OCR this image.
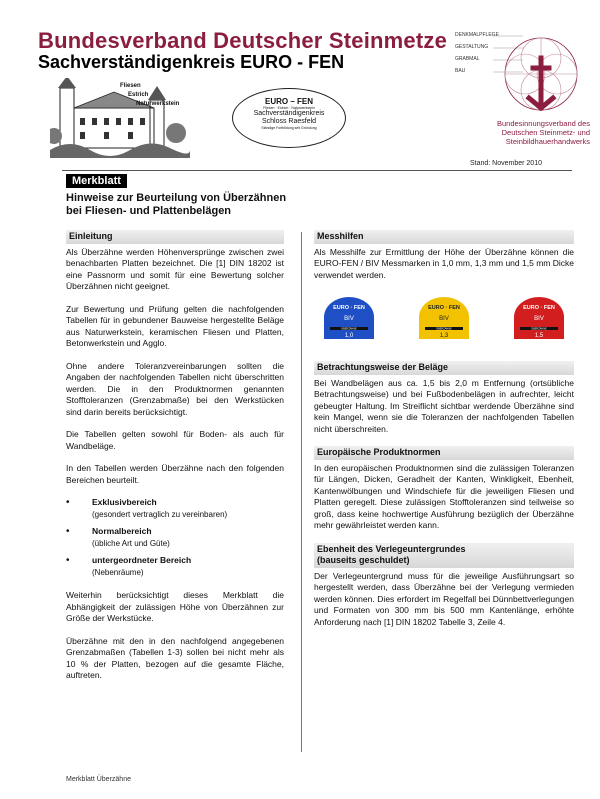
Bundesverband Deutscher Steinmetze
Sachverständigenkreis EURO - FEN
Fliesen
Estrich
Naturwerkstein	EURO – FEN
Fliesen · Estrich · Naturwerkstein
Sachverständigenkreis
Schloss Raesfeld
Ständige Fortbildung seit Gründung
DENKMALPFLEGE
GESTALTUNG
GRABMAL
BAU
Bundesinnungsverband des
Deutschen Steinmetz- und
Steinbildhauerhandwerks
Stand: November 2010
Merkblatt
Hinweise zur Beurteilung von Überzähnen
bei Fliesen- und Plattenbelägen
Einleitung

Als Überzähne werden Höhenversprünge zwischen zwei benachbarten Platten bezeichnet. Die [1] DIN 18202 ist eine Passnorm und somit für eine Bewertung solcher Überzähnen nicht geeignet.

Zur Bewertung und Prüfung gelten die nachfolgenden Tabellen für in gebundener Bauweise hergestellte Beläge aus Naturwerkstein, keramischen Fliesen und Platten, Betonwerkstein und Agglo.

Ohne andere Toleranzvereinbarungen sollten die Angaben der nachfolgenden Tabellen nicht überschritten werden. Die in den Produktnormen genannten Stofftoleranzen (Grenzabmaße) bei den Werkstücken sind darin bereits berücksichtigt.

Die Tabellen gelten sowohl für Boden- als auch für Wandbeläge.

In den Tabellen werden Überzähne nach den folgenden Bereichen beurteilt.

•	Exklusivbereich
(gesondert vertraglich zu vereinbaren)
•	Normalbereich
(übliche Art und Güte)
•	untergeordneter Bereich
(Nebenräume)

Weiterhin berücksichtigt dieses Merkblatt die Abhängigkeit der zulässigen Höhe von Überzähnen zur Größe der Werkstücke.

Überzähne mit den in den nachfolgend angegebenen Grenzabmaßen (Tabellen 1-3) sollen bei nicht mehr als 10 % der Platten, bezogen auf die gesamte Fläche, auftreten.

Messhilfen

Als Messhilfe zur Ermittlung der Höhe der Überzähne können die EURO-FEN / BIV Messmarken in 1,0 mm, 1,3 mm und 1,5 mm Dicke verwendet werden.

EURO · FEN
BIV
ÜBERZÄHNE
1,0
EURO · FEN
BIV
ÜBERZÄHNE
1,3
EURO · FEN
BIV
ÜBERZÄHNE
1,5
Betrachtungsweise der Beläge

Bei Wandbelägen aus ca. 1,5 bis 2,0 m Entfernung (ortsübliche Betrachtungsweise) und bei Fußbodenbelägen in aufrechter, leicht gebeugter Haltung. Im Streiflicht sichtbar werdende Überzähne sind kein Mangel, wenn sie die Toleranzen der nachfolgenden Tabellen nicht überschreiten.

Europäische Produktnormen

In den europäischen Produktnormen sind die zulässigen Toleranzen für Längen, Dicken, Geradheit der Kanten, Winkligkeit, Ebenheit, Kantenwölbungen und Windschiefe für die jeweiligen Fliesen und Platten geregelt. Diese zulässigen Stofftoleranzen sind teilweise so groß, dass keine hochwertige Ausführung bezüglich der Überzähne mehr gewährleistet werden kann.

Ebenheit des Verlegeuntergrundes
(bauseits geschuldet)

Der Verlegeuntergrund muss für die jeweilige Ausführungsart so hergestellt werden, dass Überzähne bei der Verlegung vermieden werden können. Dies erfordert im Regelfall bei Dünnbettverlegungen und Formaten von 300 mm bis 500 mm Kantenlänge, erhöhte Anforderung nach [1] DIN 18202 Tabelle 3, Zeile 4.

Merkblatt Überzähne
